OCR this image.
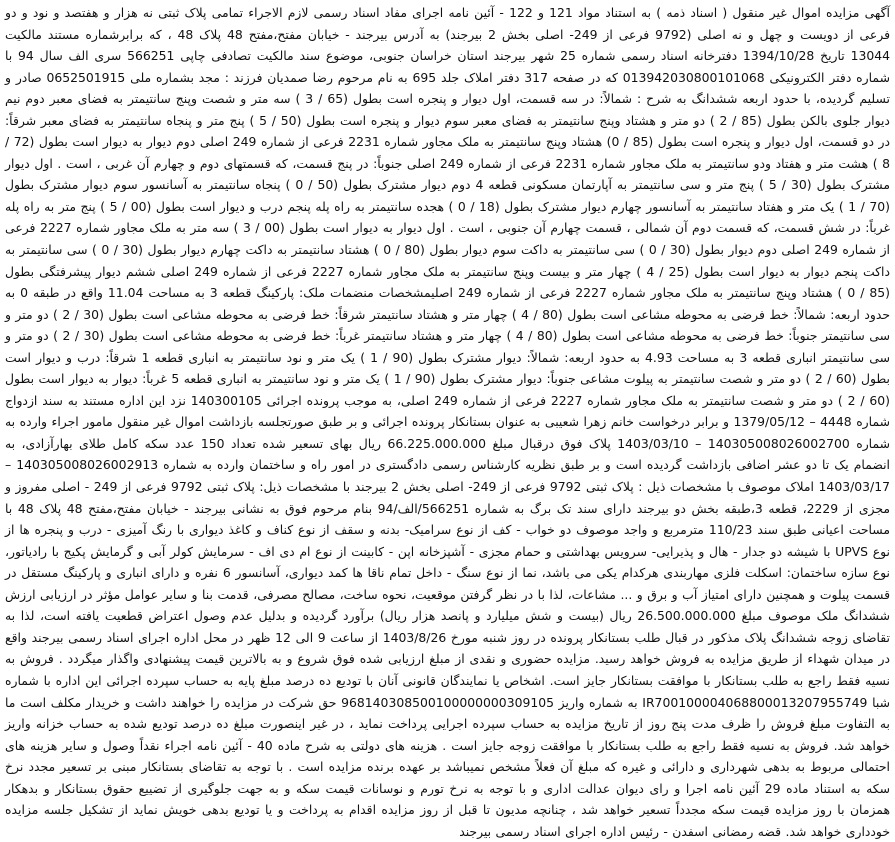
آگهی مزایده اموال غیر منقول ( اسناد ذمه ) به استناد مواد 121 و 122 - آئین نامه اجرای مفاد اسناد رسمی لازم الاجراء تمامی پلاک ثبتی نه هزار و هفتصد و نود و دو فرعی از دویست و چهل و نه اصلی (9792 فرعی از 249- اصلی بخش 2 بیرجند) به آدرس بیرجند - خیابان مفتح،مفتح 48 پلاک 48 ، که برابرشماره مستند مالکیت 13044 تاریخ 1394/10/28 دفترخانه اسناد رسمی شماره 25 شهر بیرجند استان خراسان جنوبی، موضوع سند مالکیت تصادفی چاپی 566251 سری الف سال 94 با شماره دفتر الکترونیکی 013942030800101068 که در صفحه 317 دفتر املاک جلد 695 به نام مرحوم رضا صمدیان فرزند : مجد بشماره ملی 0652501915 صادر و تسلیم گردیده، با حدود اربعه ششدانگ به شرح : شمالاً: در سه قسمت، اول دیوار و پنجره است بطول (65 / 3 ) سه متر و شصت وپنج سانتیمتر به فضای معبر دوم نیم دیوار جلوی بالکن بطول (85 / 2 ) دو متر و هشتاد وپنج سانتیمتر به فضای معبر سوم دیوار و پنجره است بطول (50 / 5 ) پنج متر و پنجاه سانتیمتر به فضای معبر شرقاً: در دو قسمت، اول دیوار و پنجره است بطول (85 / 0) هشتاد وپنج سانتیمتر به ملک مجاور شماره 2231 فرعی از شماره 249 اصلی دوم دیوار به دیوار است بطول (72 / 8 ) هشت متر و هفتاد ودو سانتیمتر به ملک مجاور شماره 2231 فرعی از شماره 249 اصلی جنوباً: در پنج قسمت، که قسمتهای دوم و چهارم آن غربی ، است . اول دیوار مشترک بطول (30 / 5 ) پنج متر و سی سانتیمتر به آپارتمان مسکونی قطعه 4 دوم دیوار مشترک بطول (50 / 0 ) پنجاه سانتیمتر به آسانسور سوم دیوار مشترک بطول (70 / 1 ) یک متر و هفتاد سانتیمتر به آسانسور چهارم دیوار مشترک بطول (18 / 0 ) هجده سانتیمتر به راه پله پنجم درب و دیوار است بطول (00 / 5 ) پنج متر به راه پله غرباً: در شش قسمت، که قسمت دوم آن شمالی ، قسمت چهارم آن جنوبی ، است . اول دیوار به دیوار است بطول (00 / 3 ) سه متر به ملک مجاور شماره 2227 فرعی از شماره 249 اصلی دوم دیوار بطول (30 / 0 ) سی سانتیمتر به داکت سوم دیوار بطول (80 / 0 ) هشتاد سانتیمتر به داکت چهارم دیوار بطول (30 / 0 ) سی سانتیمتر به داکت پنجم دیوار به دیوار است بطول (25 / 4 ) چهار متر و بیست وپنج سانتیمتر به ملک مجاور شماره 2227 فرعی از شماره 249 اصلی ششم دیوار پیشرفتگی بطول (85 / 0 ) هشتاد وپنج سانتیمتر به ملک مجاور شماره 2227 فرعی از شماره 249 اصلیمشخصات منضمات ملک: پارکینگ قطعه 3 به مساحت 11.04 واقع در طبقه 0 به حدود اربعه: شمالاً: خط فرضی به محوطه مشاعی است بطول (80 / 4 ) چهار متر و هشتاد سانتیمتر شرقاً: خط فرضی به محوطه مشاعی است بطول (30 / 2 ) دو متر و سی سانتیمتر جنوباً: خط فرضی به محوطه مشاعی است بطول (80 / 4 ) چهار متر و هشتاد سانتیمتر غرباً: خط فرضی به محوطه مشاعی است بطول (30 / 2 ) دو متر و سی سانتیمتر انباری قطعه 3 به مساحت 4.93 به حدود اربعه: شمالاً: دیوار مشترک بطول (90 / 1 ) یک متر و نود سانتیمتر به انباری قطعه 1 شرقاً: درب و دیوار است بطول (60 / 2 ) دو متر و شصت سانتیمتر به پیلوت مشاعی جنوباً: دیوار مشترک بطول (90 / 1 ) یک متر و نود سانتیمتر به انباری قطعه 5 غرباً: دیوار به دیوار است بطول (60 / 2 ) دو متر و شصت سانتیمتر به ملک مجاور شماره 2227 فرعی از شماره 249 اصلی، به موجب پرونده اجرائی 140300105 نزد این اداره مستند به سند ازدواج شماره 4448 – 1379/05/12 و برابر درخواست خانم زهرا شعیبی به عنوان بستانکار پرونده اجرائی و بر طبق صورتجلسه بازداشت اموال غیر منقول مامور اجراء وارده به شماره 140305008026002700 – 1403/03/10 پلاک فوق درقبال مبلغ 66.225.000.000 ریال بهای تسعیر شده تعداد 150 عدد سکه کامل طلای بهارآزادی، به انضمام یک تا دو عشر اضافی بازداشت گردیده است و بر طبق نظریه کارشناس رسمی دادگستری در امور راه و ساختمان وارده به شماره 140305008026002913 – 1403/03/17 املاک موصوف با مشخصات ذیل : پلاک ثبتی 9792 فرعی از 249- اصلی بخش 2 بیرجند با مشخصات ذیل: پلاک ثبتی 9792 فرعی از 249 - اصلی مفروز و مجزی از 2229، قطعه 3،طبقه بخش دو بیرجند دارای سند تک برگ به شماره 566251/الف/94 بنام مرحوم فوق به نشانی بیرجند - خیابان مفتح،مفتح 48 پلاک 48 با مساحت اعیانی طبق سند 110/23 مترمربع و واجد موصوف دو خواب - کف از نوع سرامیک- بدنه و سقف از نوع کناف و کاغذ دیواری با رنگ آمیزی - درب و پنجره ها از نوع UPVS با شیشه دو جدار - هال و پذیرایی- سرویس بهداشتی و حمام مجزی - آشپزخانه اپن - کابینت از نوع ام دی اف - سرمایش کولر آبی و گرمایش پکیج با رادیاتور، نوع سازه ساختمان: اسکلت فلزی مهاربندی هرکدام یکی می باشد، نما از نوع سنگ - داخل تمام ناقا ها کمد دیواری، آسانسور 6 نفره و دارای انباری و پارکینگ مستقل در قسمت پیلوت و همچنین دارای امتیاز آب و برق و ... مشاعات، لذا با در نظر گرفتن موقعیت، نحوه ساخت، مصالح مصرفی، قدمت بنا و سایر عوامل مؤثر در ارزیابی ارزش ششدانگ ملک موصوف مبلغ 26.500.000.000 ریال (بیست و شش میلیارد و پانصد هزار ریال) برآورد گردیده و بدلیل عدم وصول اعتراض قطعیت یافته است، لذا به تقاضای زوجه ششدانگ پلاک مذکور در قبال طلب بستانکار پرونده در روز شنبه مورخ 1403/8/26 از ساعت 9 الی 12 ظهر در محل اداره اجرای اسناد رسمی بیرجند واقع در میدان شهداء از طریق مزایده به فروش خواهد رسید. مزایده حضوری و نقدی از مبلغ ارزیابی شده فوق شروع و به بالاترین قیمت پیشنهادی واگذار میگردد . فروش به نسیه فقط راجع به طلب بستانکار با موافقت بستانکار جایز است. اشخاص یا نمایندگان قانونی آنان با تودیع ده درصد مبلغ پایه به حساب سپرده اجرائی این اداره با شماره شبا IR700100004068800013207955749 به شماره واریز 968140308500100000000309105 حق شرکت در مزایده را خواهند داشت و خریدار مکلف است ما به التفاوت مبلغ فروش را ظرف مدت پنج روز از تاریخ مزایده به حساب سپرده اجرایی پرداخت نماید ، در غیر اینصورت مبلغ ده درصد تودیع شده به حساب خزانه واریز خواهد شد. فروش به نسیه فقط راجع به طلب بستانکار با موافقت زوجه جایز است . هزینه های دولتی به شرح ماده 40 - آئین نامه اجراء نقداً وصول و سایر هزینه های احتمالی مربوط به بدهی شهرداری و دارائی و غیره که مبلغ آن فعلاً مشخص نمیباشد بر عهده برنده مزایده است . با توجه به تقاضای بستانکار مبنی بر تسعیر مجدد نرخ سکه به استناد ماده 29 آئین نامه اجرا و رای دیوان عدالت اداری و با توجه به نرخ تورم و نوسانات قیمت سکه و به جهت جلوگیری از تضییع حقوق بستانکار و بدهکار همزمان با روز مزایده قیمت سکه مجدداً تسعیر خواهد شد ، چنانچه مدیون تا قبل از روز مزایده اقدام به پرداخت و یا تودیع بدهی خویش نماید از تشکیل جلسه مزایده خودداری خواهد شد. قضه رمضانی اسفدن - رئیس اداره اجرای اسناد رسمی بیرجند
